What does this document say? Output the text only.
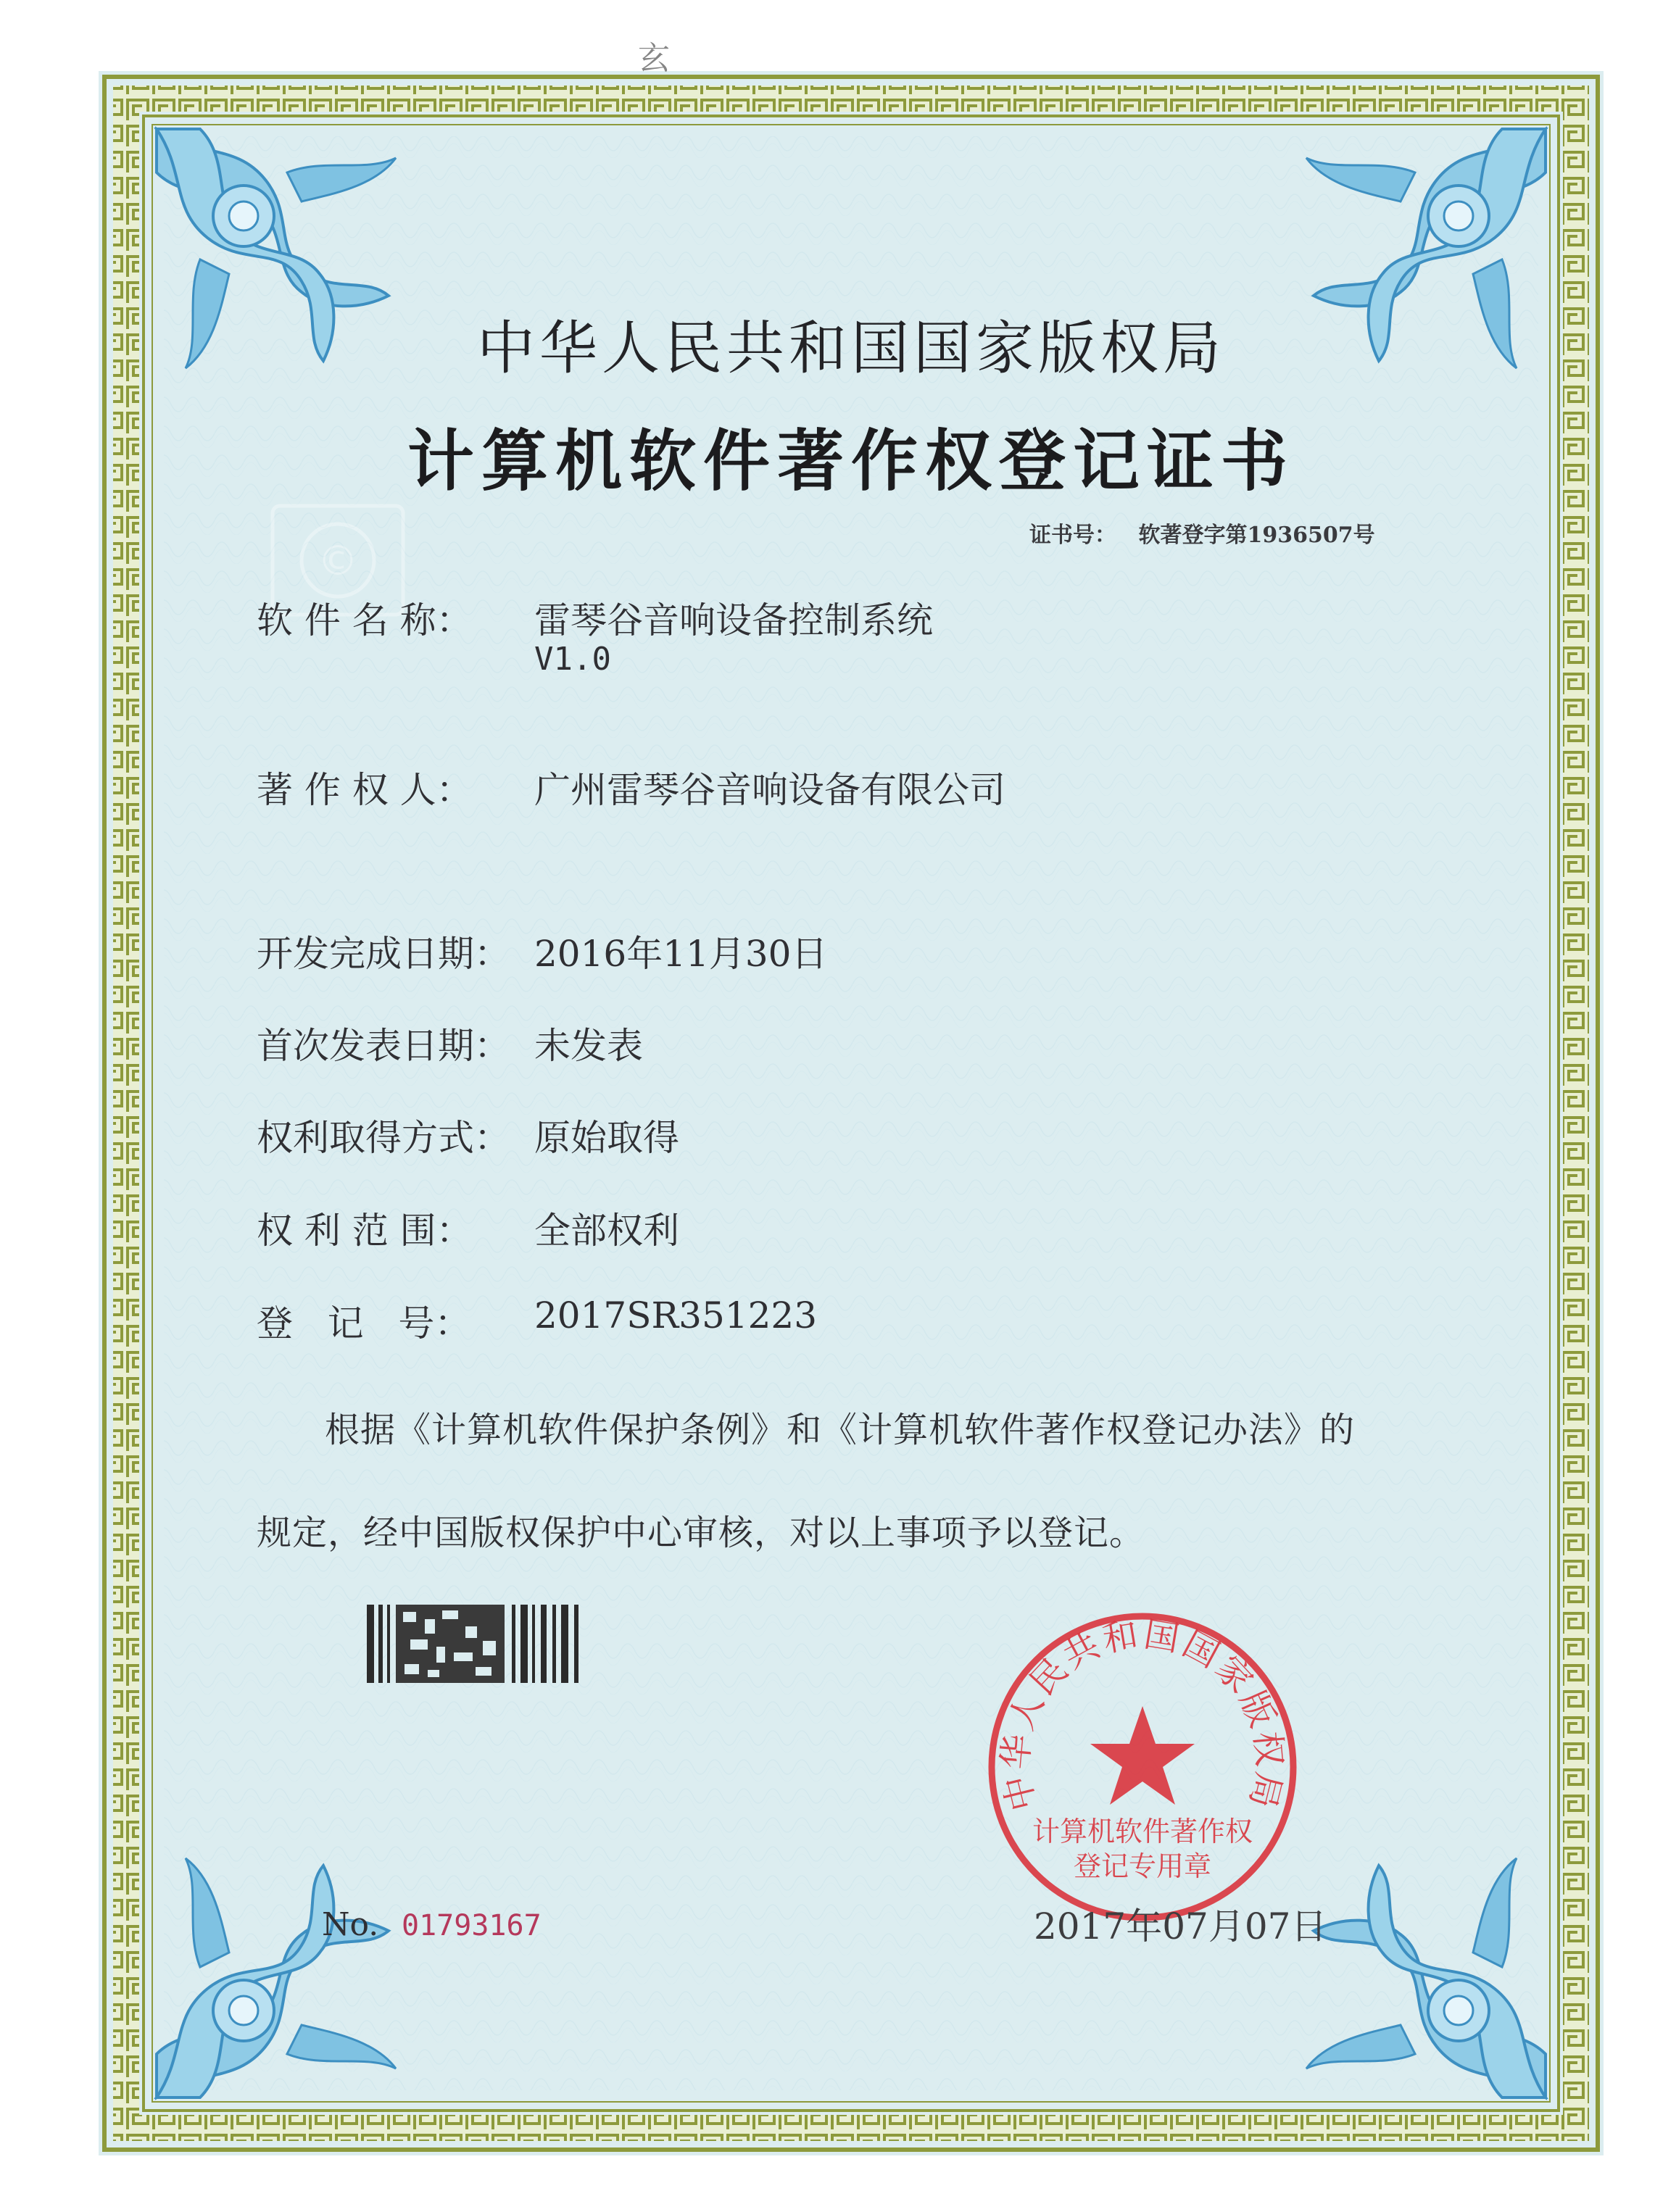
©
玄
中华人民共和国国家版权局
计算机软件著作权登记证书
证书号： 软著登字第1936507号
软 件 名 称：	雷琴谷音响设备控制系统
V1.0
著 作 权 人：	广州雷琴谷音响设备有限公司
开发完成日期： 2016年11月30日
首次发表日期： 未发表
权利取得方式： 原始取得
权 利 范 围：	全部权利
登   记   号：	2017SR351223
根据《计算机软件保护条例》和《计算机软件著作权登记办法》的
规定，经中国版权保护中心审核，对以上事项予以登记。
中华人民共和国国家版权局
计算机软件著作权
登记专用章
No. 01793167	2017年07月07日
